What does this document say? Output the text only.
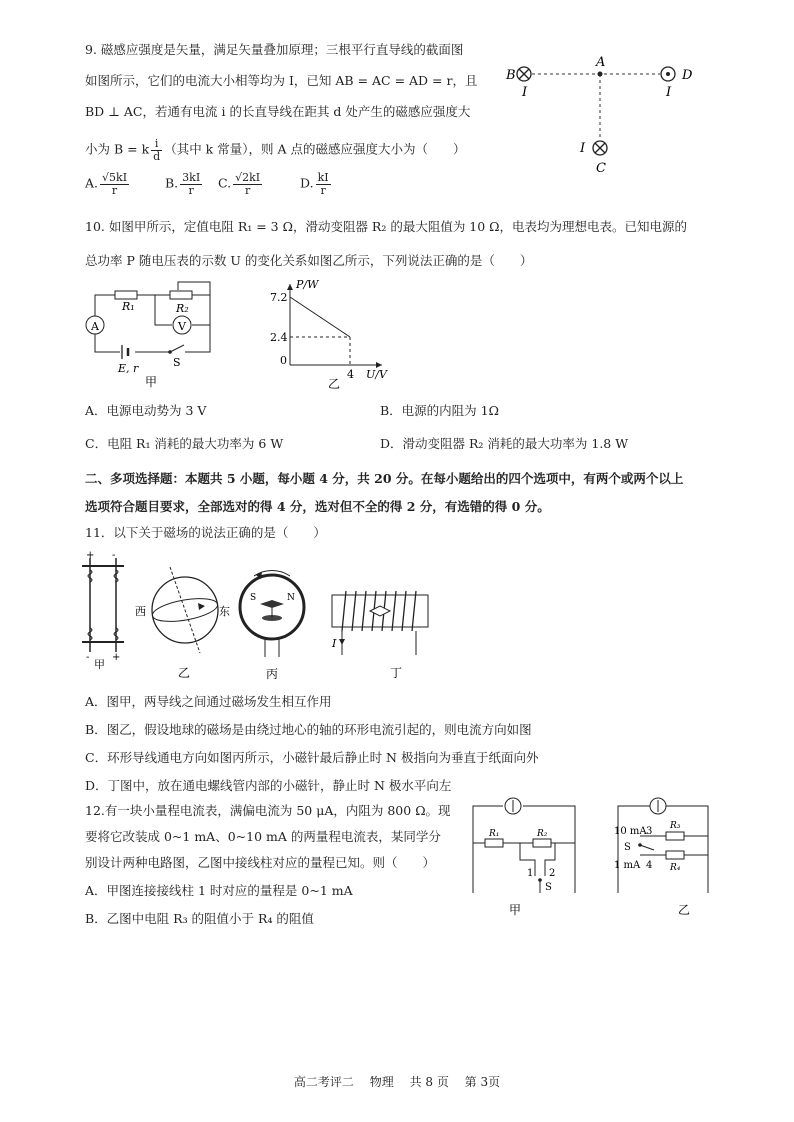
9. 磁感应强度是矢量，满足矢量叠加原理；三根平行直导线的截面图
如图所示，它们的电流大小相等均为 I，已知 AB = AC = AD = r，且
BD ⊥ AC，若通有电流 i 的长直导线在距其 d 处产生的磁感应强度大
小为 B = k $\frac{i}{d}$ （其中 k 常量），则 A 点的磁感应强度大小为（　　）
A. $\frac{√5kI}{r}$	B. $\frac{3kI}{r} C$. $\frac{√2kI}{r}$	D. $\frac{kI}{r}$
B
A
D
C
I	I
I
10. 如图甲所示，定值电阻 R₁ = 3 Ω，滑动变阻器 R₂ 的最大阻值为 10 Ω，电表均为理想电表。已知电源的
总功率 P 随电压表的示数 U 的变化关系如图乙所示，下列说法正确的是（　　）
V
A
R₁	R₂
E, r	S
甲
P/W
7.2
2.4
0
4 U/V
乙
A．电源电动势为 3 V	B．电源的内阻为 1Ω
C．电阻 R₁ 消耗的最大功率为 6 W	D．滑动变阻器 R₂ 消耗的最大功率为 1.8 W
二、多项选择题：本题共 5 小题，每小题 4 分，共 20 分。在每小题给出的四个选项中，有两个或两个以上
选项符合题目要求，全部选对的得 4 分，选对但不全的得 2 分，有选错的得 0 分。
11．以下关于磁场的说法正确的是（　　）
+ -
- +
甲
西	东
乙
S	N
丙
I
丁
A．图甲，两导线之间通过磁场发生相互作用
B．图乙，假设地球的磁场是由绕过地心的轴的环形电流引起的，则电流方向如图
C．环形导线通电方向如图丙所示，小磁针最后静止时 N 极指向为垂直于纸面向外
D．丁图中，放在通电螺线管内部的小磁针，静止时 N 极水平向左
12.有一块小量程电流表，满偏电流为 50 μA，内阻为 800 Ω。现
要将它改装成 0~1 mA、0~10 mA 的两量程电流表，某同学分
别设计两种电路图，乙图中接线柱对应的量程已知。则（　　）
A．甲图连接接线柱 1 时对应的量程是 0~1 mA
B．乙图中电阻 R₃ 的阻值小于 R₄ 的阻值
R₁	R₂
1 2
S
甲
10 mA 3
1 mA 4
R₃
R₄
S
乙
高二考评二 物理 共 8 页 第 3页
